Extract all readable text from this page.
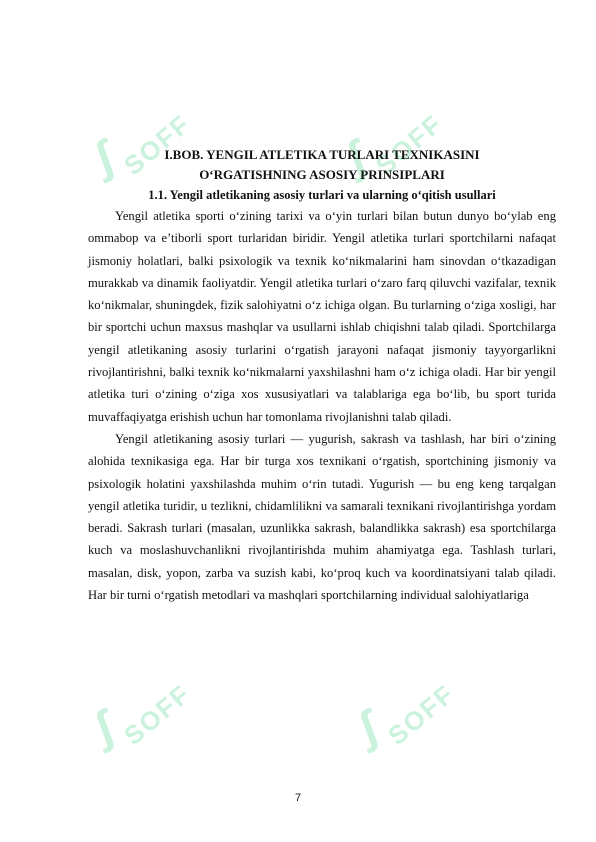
ʃ
SOFF	ʃ
SOFF
ʃ
SOFF	ʃ
SOFF
I.BOB. YENGIL ATLETIKA TURLARI TEXNIKASINI
O‘RGATISHNING ASOSIY PRINSIPLARI
1.1. Yengil atletikaning asosiy turlari va ularning o‘qitish usullari

Yengil atletika sporti o‘zining tarixi va o‘yin turlari bilan butun dunyo bo‘ylab eng ommabop va e’tiborli sport turlaridan biridir. Yengil atletika turlari sportchilarni nafaqat jismoniy holatlari, balki psixologik va texnik ko‘nikmalarini ham sinovdan o‘tkazadigan murakkab va dinamik faoliyatdir. Yengil atletika turlari o‘zaro farq qiluvchi vazifalar, texnik ko‘nikmalar, shuningdek, fizik salohiyatni o‘z ichiga olgan. Bu turlarning o‘ziga xosligi, har bir sportchi uchun maxsus mashqlar va usullarni ishlab chiqishni talab qiladi. Sportchilarga yengil atletikaning asosiy turlarini o‘rgatish jarayoni nafaqat jismoniy tayyorgarlikni rivojlantirishni, balki texnik ko‘nikmalarni yaxshilashni ham o‘z ichiga oladi. Har bir yengil atletika turi o‘zining o‘ziga xos xususiyatlari va talablariga ega bo‘lib, bu sport turida muvaffaqiyatga erishish uchun har tomonlama rivojlanishni talab qiladi.

Yengil atletikaning asosiy turlari — yugurish, sakrash va tashlash, har biri o‘zining alohida texnikasiga ega. Har bir turga xos texnikani o‘rgatish, sportchining jismoniy va psixologik holatini yaxshilashda muhim o‘rin tutadi. Yugurish — bu eng keng tarqalgan yengil atletika turidir, u tezlikni, chidamlilikni va samarali texnikani rivojlantirishga yordam beradi. Sakrash turlari (masalan, uzunlikka sakrash, balandlikka sakrash) esa sportchilarga kuch va moslashuvchanlikni rivojlantirishda muhim ahamiyatga ega. Tashlash turlari, masalan, disk, yopon, zarba va suzish kabi, ko‘proq kuch va koordinatsiyani talab qiladi. Har bir turni o‘rgatish metodlari va mashqlari sportchilarning individual salohiyatlariga

7
